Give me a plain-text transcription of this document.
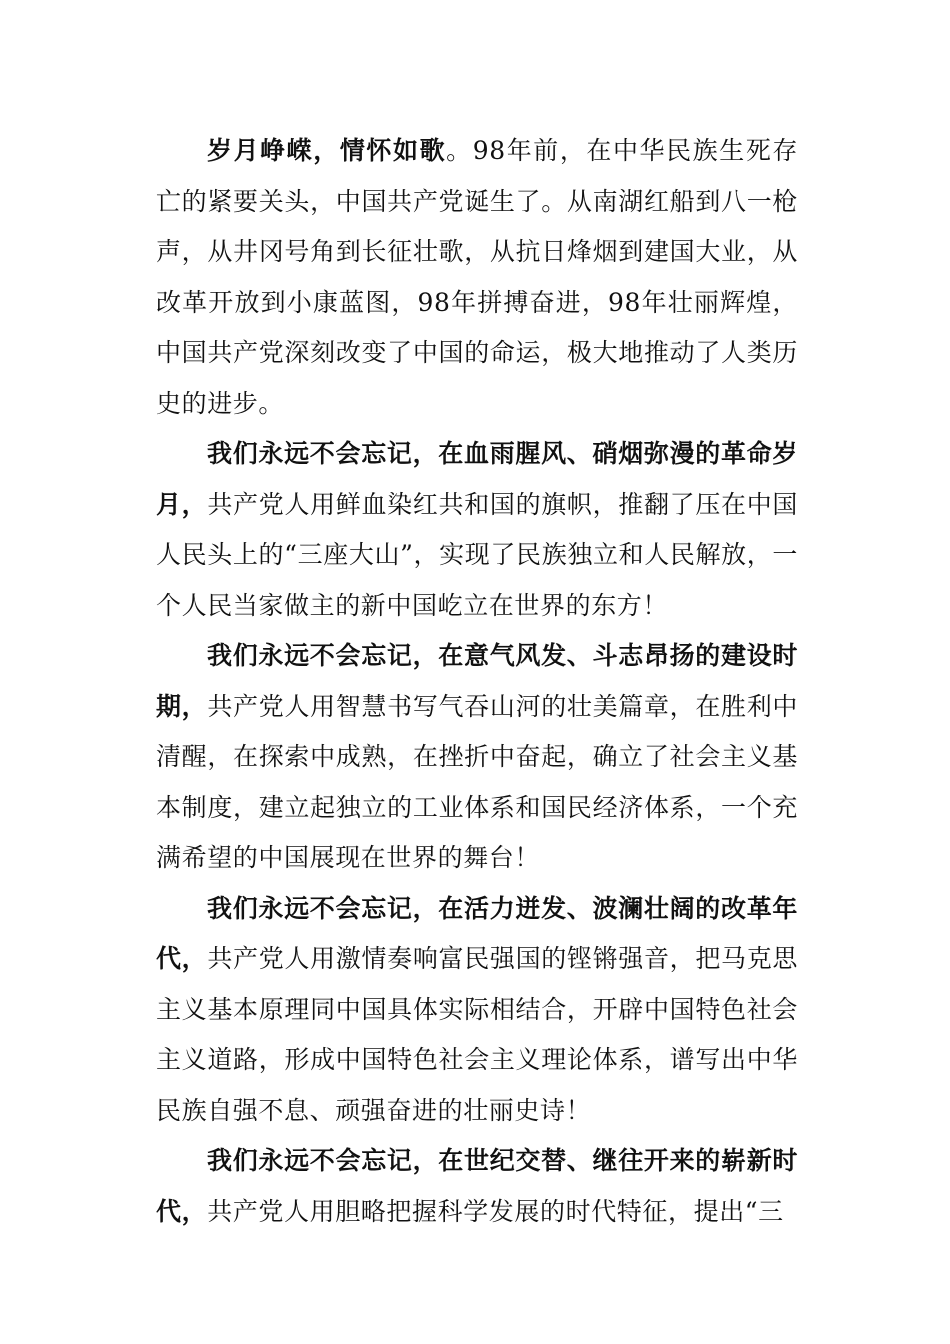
岁月峥嵘，情怀如歌。98年前，在中华民族生死存亡的紧要关头，中国共产党诞生了。从南湖红船到八一枪声，从井冈号角到长征壮歌，从抗日烽烟到建国大业，从改革开放到小康蓝图，98年拼搏奋进，98年壮丽辉煌，中国共产党深刻改变了中国的命运，极大地推动了人类历史的进步。

我们永远不会忘记，在血雨腥风、硝烟弥漫的革命岁月，共产党人用鲜血染红共和国的旗帜，推翻了压在中国人民头上的“三座大山”，实现了民族独立和人民解放，一个人民当家做主的新中国屹立在世界的东方！

我们永远不会忘记，在意气风发、斗志昂扬的建设时期，共产党人用智慧书写气吞山河的壮美篇章，在胜利中清醒，在探索中成熟，在挫折中奋起，确立了社会主义基本制度，建立起独立的工业体系和国民经济体系，一个充满希望的中国展现在世界的舞台！

我们永远不会忘记，在活力迸发、波澜壮阔的改革年代，共产党人用激情奏响富民强国的铿锵强音，把马克思主义基本原理同中国具体实际相结合，开辟中国特色社会主义道路，形成中国特色社会主义理论体系，谱写出中华民族自强不息、顽强奋进的壮丽史诗！

我们永远不会忘记，在世纪交替、继往开来的崭新时代，共产党人用胆略把握科学发展的时代特征，提出“三
